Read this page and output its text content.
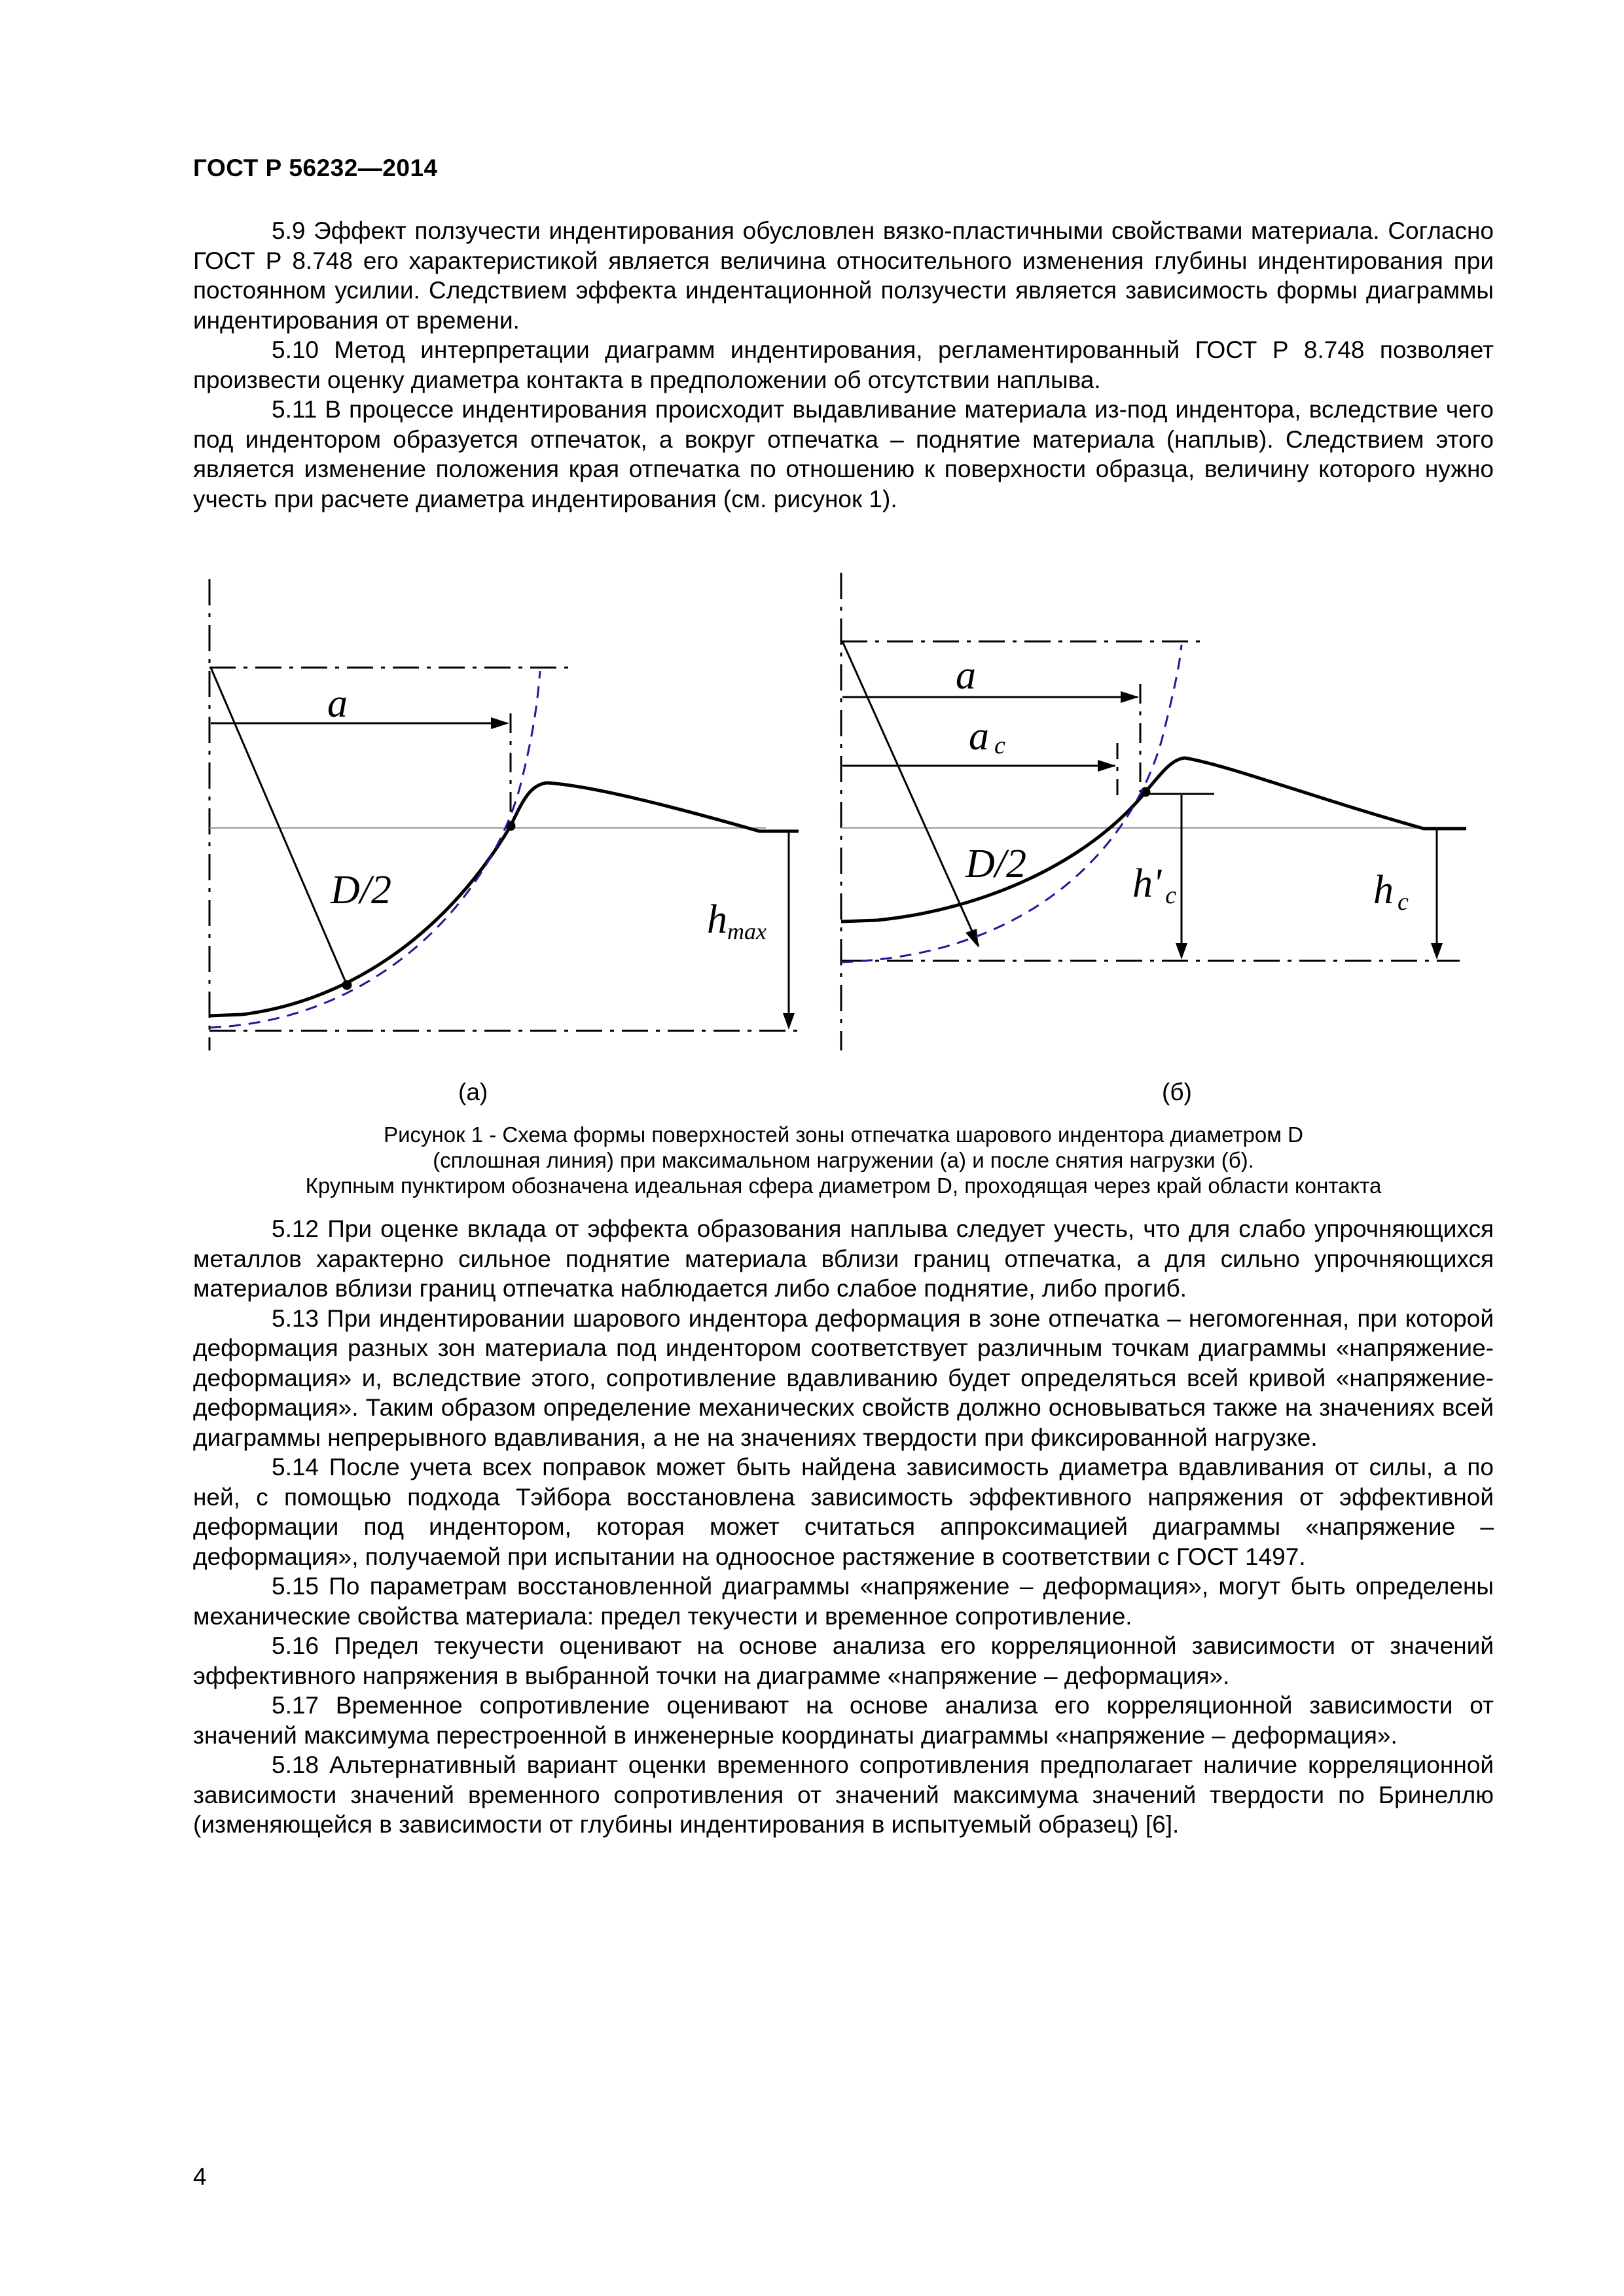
ГОСТ Р 56232—2014

5.9 Эффект ползучести индентирования обусловлен вязко-пластичными свойствами материала. Согласно ГОСТ Р 8.748 его характеристикой является величина относительного изменения глубины индентирования при постоянном усилии. Следствием эффекта индентационной ползучести является зависимость формы диаграммы индентирования от времени.

5.10 Метод интерпретации диаграмм индентирования, регламентированный ГОСТ Р 8.748 позволяет произвести оценку диаметра контакта в предположении об отсутствии наплыва.

5.11 В процессе индентирования происходит выдавливание материала из-под индентора, вследствие чего под индентором образуется отпечаток, а вокруг отпечатка – поднятие материала (наплыв). Следствием этого является изменение положения края отпечатка по отношению к поверхности образца, величину которого нужно учесть при расчете диаметра индентирования (см. рисунок 1).

a
D/2
hmax
a
ac
D/2	h' c	hc
(а)	(б)
Рисунок 1 - Схема формы поверхностей зоны отпечатка шарового индентора диаметром D
(сплошная линия) при максимальном нагружении (а) и после снятия нагрузки (б).
Крупным пунктиром обозначена идеальная сфера диаметром D, проходящая через край области контакта

5.12 При оценке вклада от эффекта образования наплыва следует учесть, что для слабо упрочняющихся металлов характерно сильное поднятие материала вблизи границ отпечатка, а для сильно упрочняющихся материалов вблизи границ отпечатка наблюдается либо слабое поднятие, либо прогиб.

5.13 При индентировании шарового индентора деформация в зоне отпечатка – негомогенная, при которой деформация разных зон материала под индентором соответствует различным точкам диаграммы «напряжение-деформация» и, вследствие этого, сопротивление вдавливанию будет определяться всей кривой «напряжение-деформация». Таким образом определение механических свойств должно основываться также на значениях всей диаграммы непрерывного вдавливания, а не на значениях твердости при фиксированной нагрузке.

5.14 После учета всех поправок может быть найдена зависимость диаметра вдавливания от силы, а по ней, с помощью подхода Тэйбора восстановлена зависимость эффективного напряжения от эффективной деформации под индентором, которая может считаться аппроксимацией диаграммы «напряжение – деформация», получаемой при испытании на одноосное растяжение в соответствии с ГОСТ 1497.

5.15 По параметрам восстановленной диаграммы «напряжение – деформация», могут быть определены механические свойства материала: предел текучести и временное сопротивление.

5.16 Предел текучести оценивают на основе анализа его корреляционной зависимости от значений эффективного напряжения в выбранной точки на диаграмме «напряжение – деформация».

5.17 Временное сопротивление оценивают на основе анализа его корреляционной зависимости от значений максимума перестроенной в инженерные координаты диаграммы «напряжение – деформация».

5.18 Альтернативный вариант оценки временного сопротивления предполагает наличие корреляционной зависимости значений временного сопротивления от значений максимума значений твердости по Бринеллю (изменяющейся в зависимости от глубины индентирования в испытуемый образец) [6].

4
